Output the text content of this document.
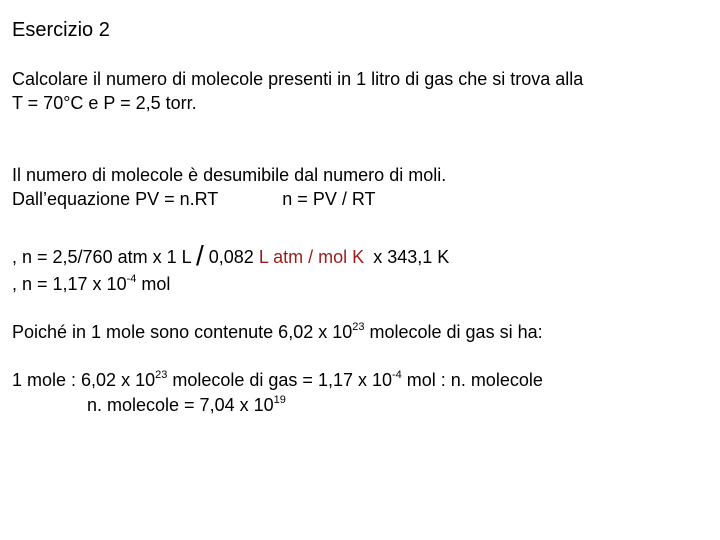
Esercizio 2
Calcolare il numero di molecole presenti in 1 litro di gas che si trova alla
T = 70°C e P = 2,5 torr.
Il numero di molecole è desumibile dal numero di moli.
Dall’equazione PV = n.RT	n = PV / RT
, n = 2,5/760 atm x 1 L / 0,082 L atm / mol K x 343,1 K
, n = 1,17 x $10^{-4}$ mol
Poiché in 1 mole sono contenute 6,02 x $10^{23}$ molecole di gas si ha:
1 mole : 6,02 x $10^{23}$ molecole di gas = 1,17 x $10^{-4}$ mol : n. molecole
n. molecole = 7,04 x $10^{19}$
